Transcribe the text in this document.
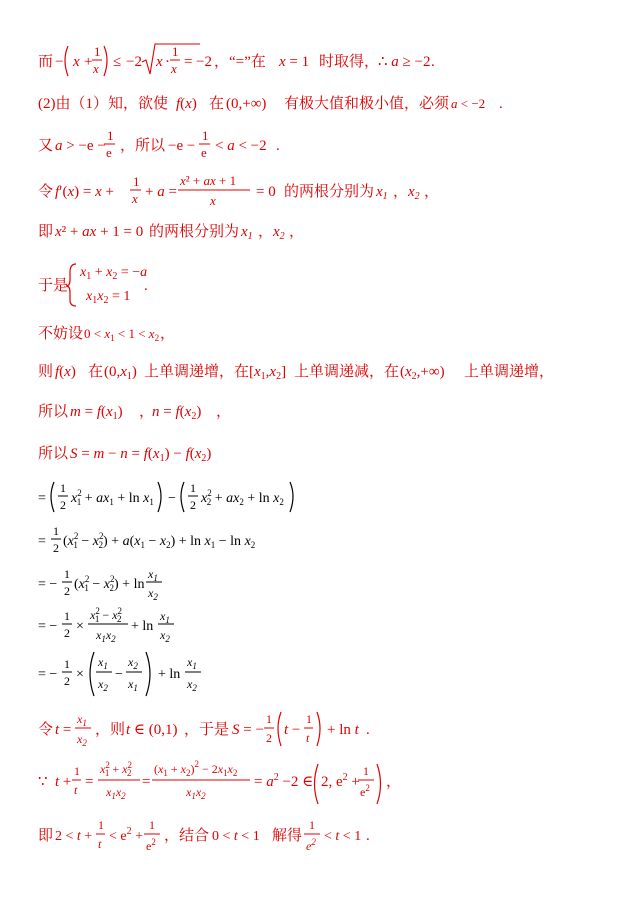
而 − x +
1
x ≤ −2 x ·
1
x = −2 ，“=”在 x = 1 时取得，
∴ a ≥ −2 .
(2)由（1）知，欲使 f(x) 在 (0,+∞) 有极大值和极小值，必须 a < −2 .
又 a > −e −
1
e ，所以 −e −
1
e < a < −2 .
令 f′(x) = x +
1
x + a =
x² + ax + 1
x
= 0 的两根分别为 $x_1$ ， $x_2$ ，
即 x² + ax + 1 = 0 的两根分别为 $x_1$ ， $x_2$ ，
于是
$x_1 + x_2 = -a$
$x_1x_2 = 1$
.
不妨设 $0 < x_1 < 1 < x_2$ ，
则 f(x) 在 $(0,x_1)$ 上单调递增，在 $[x_1,x_2]$ 上单调递减，在 $(x_2,+\infty)$ 上单调递增，
所以 $m = f(x_1)$ ，
$n = f(x_2)$ ，
所以 $S = m - n = f(x_1) - f(x_2)$
=
1
2 $x^2$ $1 + ax_1 + \ln x_1$ −
1
2 $x^2$ $2 + ax_2 + \ln x_2$
=
1
2 ($x^2$ $1 - x^2$ $2) + a(x_1 - x_2) + \ln x_1 - \ln x_2$
= −
1
2 ($x^2$ $1 - x^2$ 2) + ln
$x_1$
$x_2$
= −
1
2 ×
$x^2$ $1 - x^2$ 2
$x_1x_2$
+ ln
$x_1$
$x_2$
= −
1
2 ×
$x_1$
$x_2$
−
$x_2$
$x_1$
+ ln
$x_1$
$x_2$
令 t =
$x_1$
$x_2$
，则 t ∈ (0,1) ，于是 S = −
1
2 t −
1
t + ln t .
∵ t +
1
t =
$x^2$ $1 + x^2$ 2
$x_1x_2$
=
$(x_1 + x_2)^2 - 2x_1x_2$
$x_1x_2$
= $a^2 -2$ ∈ 2, $e^2$ +
1
$e^2$ ，
即 2 < t +
1
$t < e^2$ +
1
$e^2$ ，结合 0 < t < 1 解得
1
$e^2 < t < 1$ .
